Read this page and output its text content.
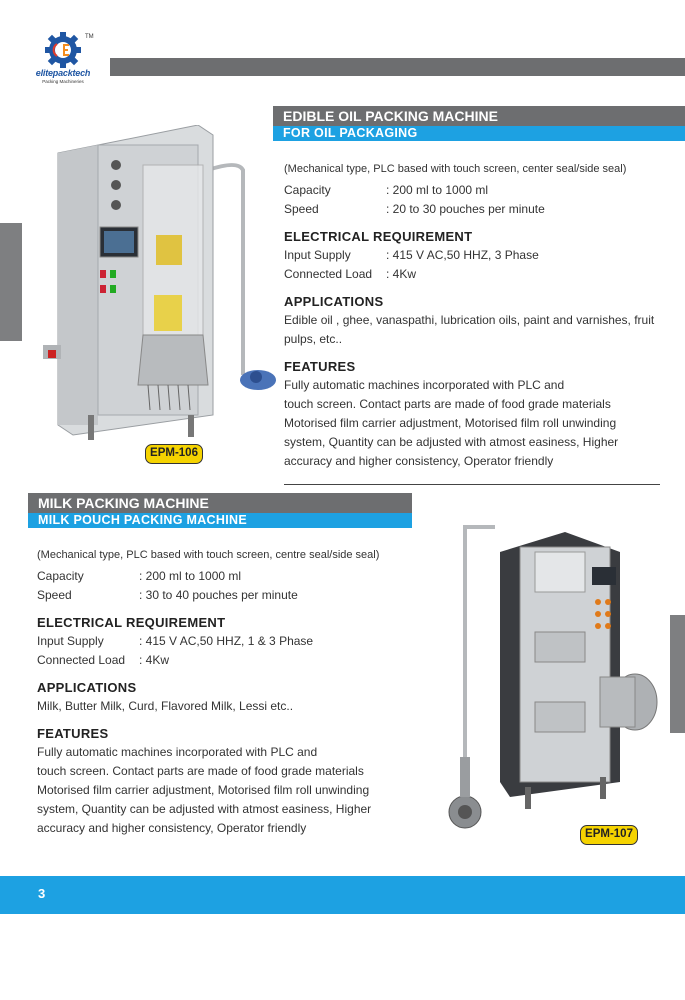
TM
elitepacktech
Packing Machineries
EDIBLE OIL PACKING MACHINE
FOR OIL PACKAGING
(Mechanical type, PLC based with touch screen, center seal/side seal)
Capacity	: 200 ml to 1000 ml
Speed	: 20 to 30 pouches per minute
ELECTRICAL REQUIREMENT
Input Supply	: 415 V AC,50 HHZ, 3 Phase
Connected Load	: 4Kw
APPLICATIONS
Edible oil , ghee, vanaspathi, lubrication oils, paint and varnishes, fruit pulps, etc..
FEATURES
Fully automatic machines incorporated with PLC and
touch screen. Contact parts are made of food grade materials
Motorised film carrier adjustment, Motorised film roll unwinding
system, Quantity can be adjusted with atmost easiness, Higher
accuracy and higher consistency, Operator friendly
EPM-106
MILK PACKING MACHINE
MILK POUCH PACKING MACHINE
(Mechanical type, PLC based with touch screen, centre seal/side seal)
Capacity	: 200 ml to 1000 ml
Speed	: 30 to 40 pouches per minute
ELECTRICAL REQUIREMENT
Input Supply	: 415 V AC,50 HHZ, 1 & 3 Phase
Connected Load	: 4Kw
APPLICATIONS
Milk, Butter Milk, Curd, Flavored Milk, Lessi etc..
FEATURES
Fully automatic machines incorporated with PLC and
touch screen. Contact parts are made of food grade materials
Motorised film carrier adjustment, Motorised film roll unwinding
system, Quantity can be adjusted with atmost easiness, Higher
accuracy and higher consistency, Operator friendly	EPM-107
3
